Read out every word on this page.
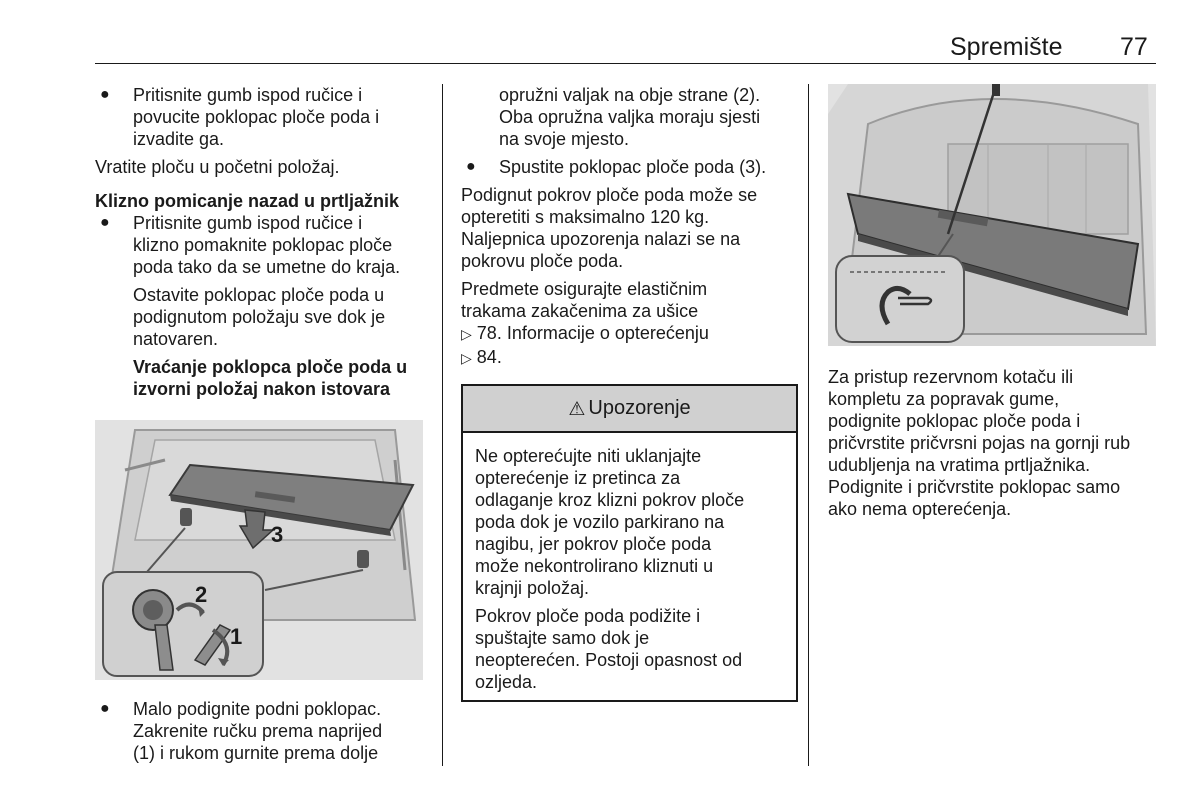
Spremište 77
● Pritisnite gumb ispod ručice i

povucite poklopac ploče poda i

izvadite ga.

Vratite ploču u početni položaj.

Klizno pomicanje nazad u prtljažnik

● Pritisnite gumb ispod ručice i

klizno pomaknite poklopac ploče

poda tako da se umetne do kraja.

Ostavite poklopac ploče poda u

podignutom položaju sve dok je

natovaren.

Vraćanje poklopca ploče poda u

izvorni položaj nakon istovara

1
2
3
● Malo podignite podni poklopac.

Zakrenite ručku prema naprijed

(1) i rukom gurnite prema dolje

opružni valjak na obje strane (2).

Oba opružna valjka moraju sjesti

na svoje mjesto.

● Spustite poklopac ploče poda (3).

Podignut pokrov ploče poda može se

opteretiti s maksimalno 120 kg.

Naljepnica upozorenja nalazi se na

pokrovu ploče poda.

Predmete osigurajte elastičnim

trakama zakačenima za ušice

▷ 78. Informacije o opterećenju

▷ 84.

⚠ Upozorenje

Ne opterećujte niti uklanjajte

opterećenje iz pretinca za

odlaganje kroz klizni pokrov ploče

poda dok je vozilo parkirano na

nagibu, jer pokrov ploče poda

može nekontrolirano kliznuti u

krajnji položaj.

Pokrov ploče poda podižite i

spuštajte samo dok je

neopterećen. Postoji opasnost od

ozljeda.

Za pristup rezervnom kotaču ili

kompletu za popravak gume,

podignite poklopac ploče poda i

pričvrstite pričvrsni pojas na gornji rub

udubljenja na vratima prtljažnika.

Podignite i pričvrstite poklopac samo

ako nema opterećenja.
